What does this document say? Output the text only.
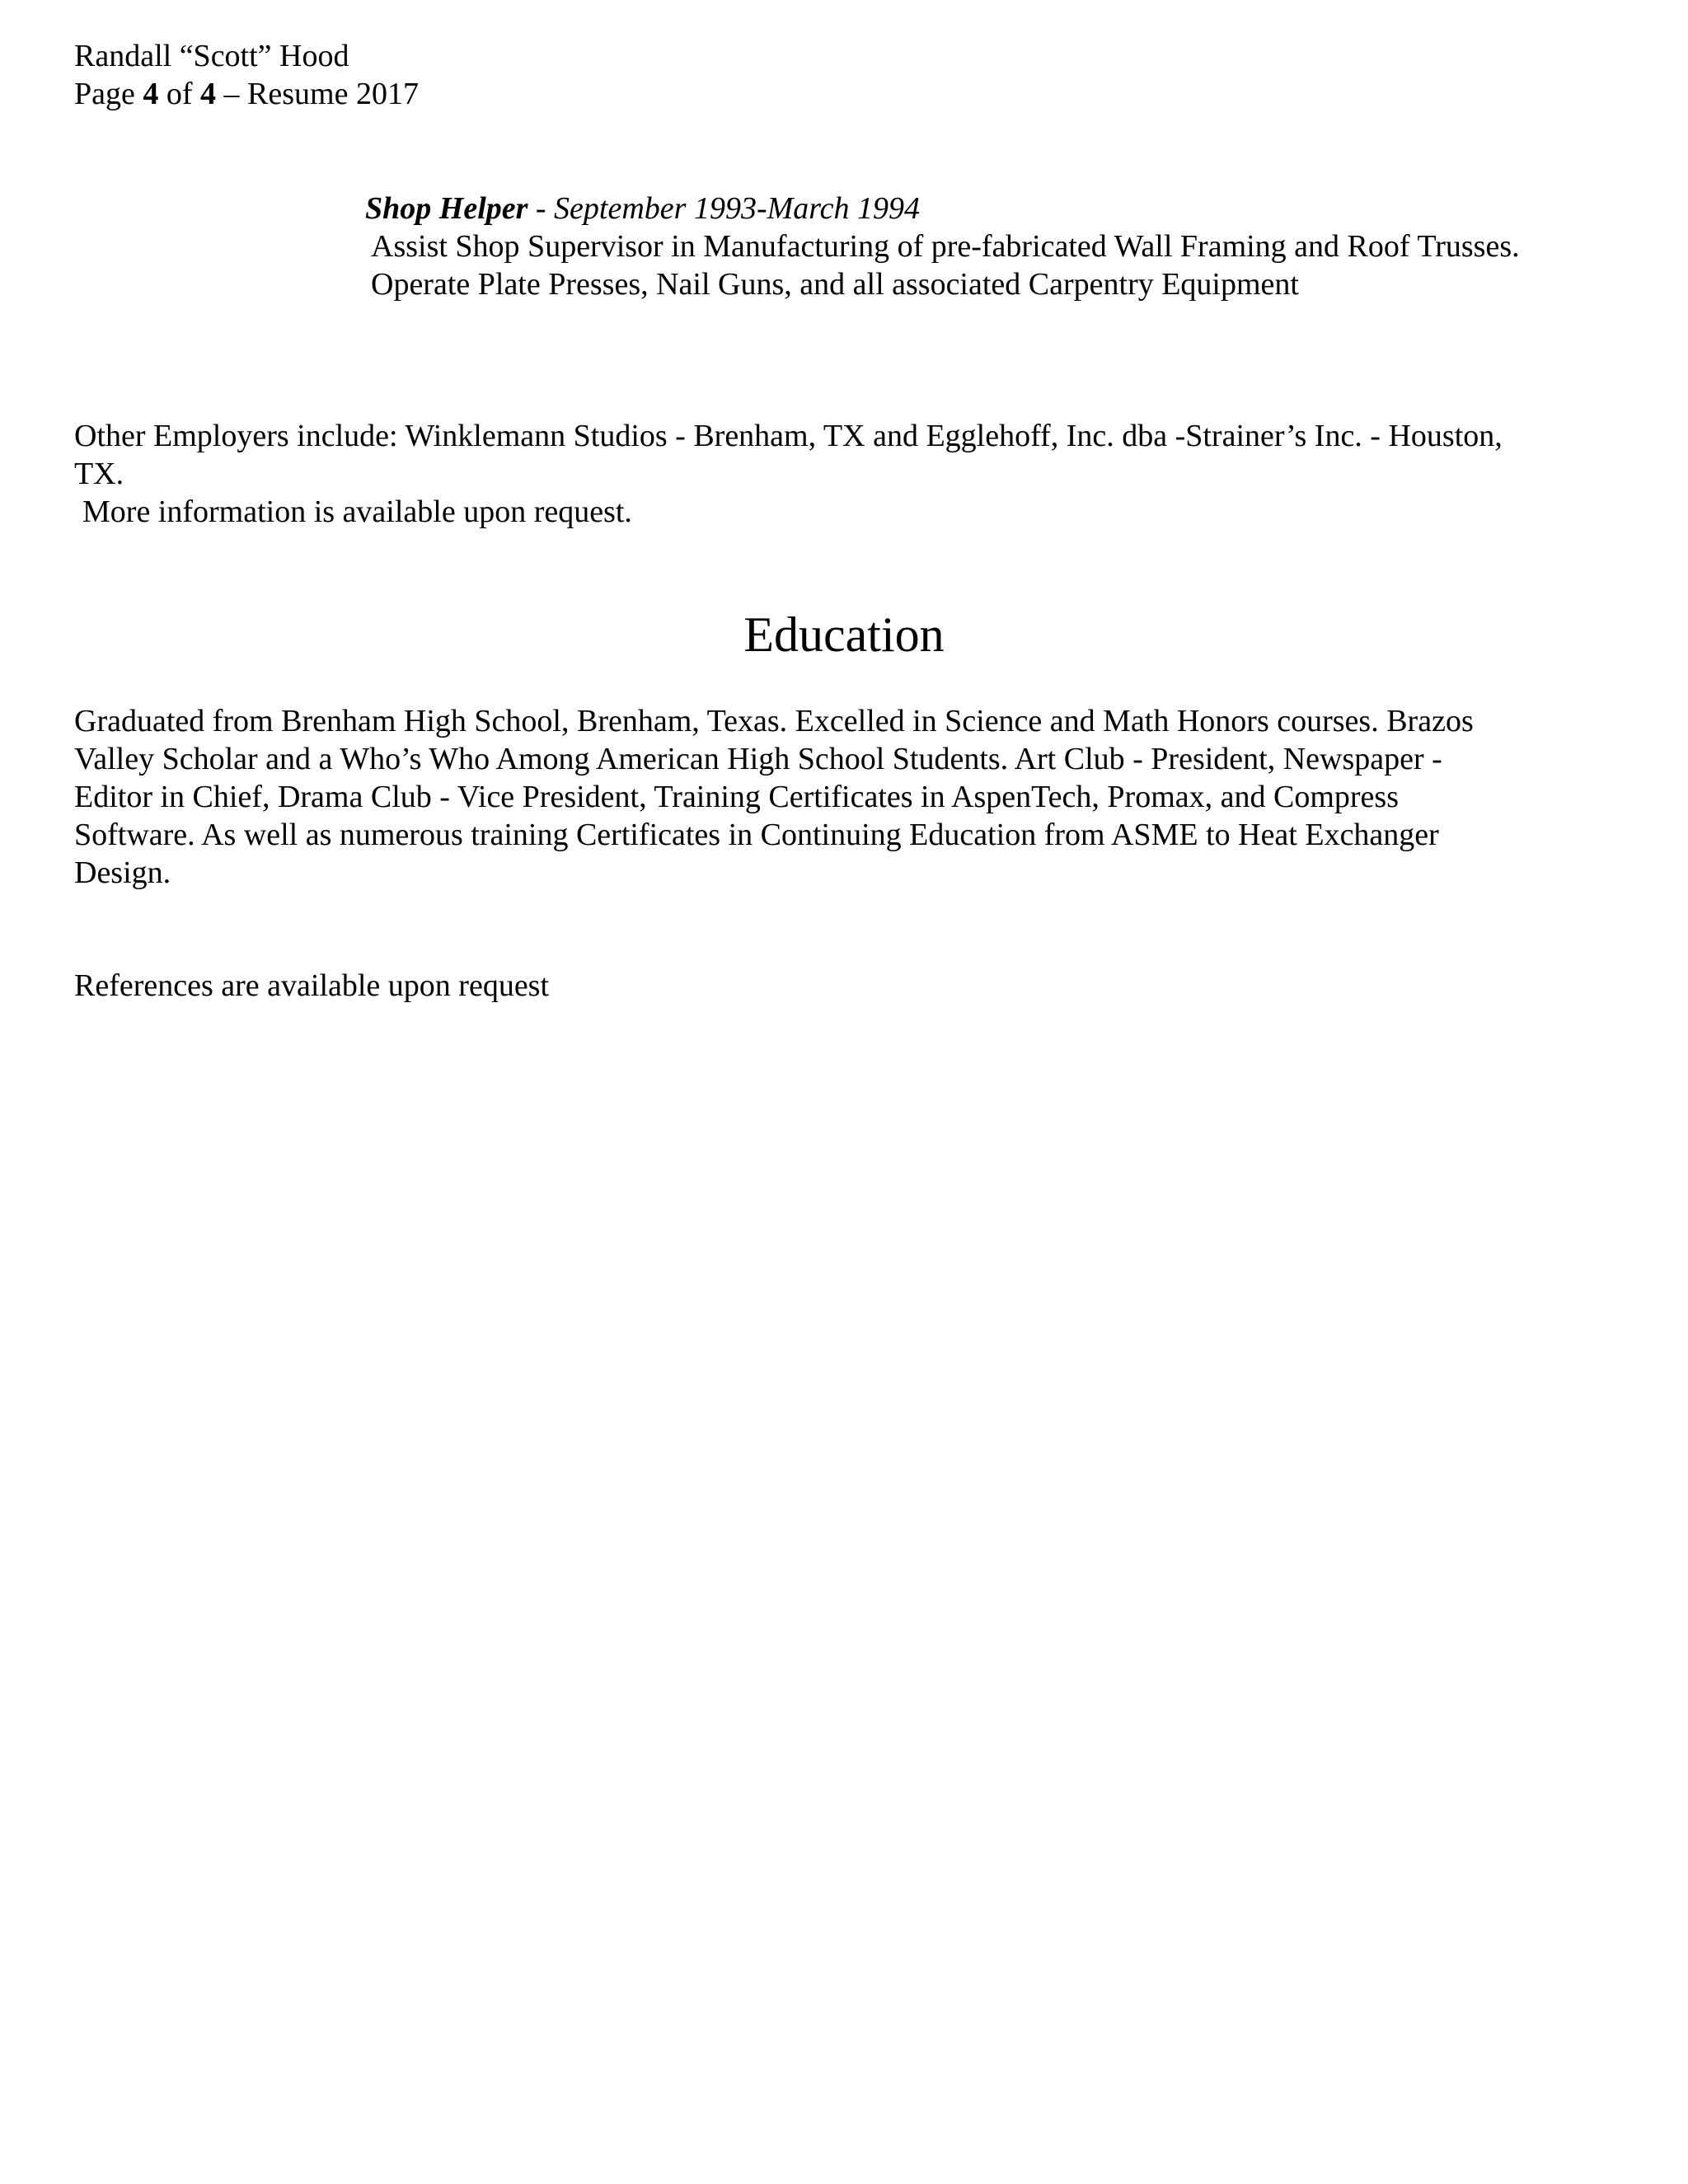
Randall “Scott” Hood
Page 4 of 4 – Resume 2017
Shop Helper - September 1993-March 1994
Assist Shop Supervisor in Manufacturing of pre-fabricated Wall Framing and Roof Trusses.
Operate Plate Presses, Nail Guns, and all associated Carpentry Equipment
Other Employers include: Winklemann Studios - Brenham, TX and Egglehoff, Inc. dba -Strainer’s Inc. - Houston,
TX.
More information is available upon request.
Education
Graduated from Brenham High School, Brenham, Texas. Excelled in Science and Math Honors courses. Brazos
Valley Scholar and a Who’s Who Among American High School Students. Art Club - President, Newspaper -
Editor in Chief, Drama Club - Vice President, Training Certificates in AspenTech, Promax, and Compress
Software. As well as numerous training Certificates in Continuing Education from ASME to Heat Exchanger
Design.
References are available upon request
